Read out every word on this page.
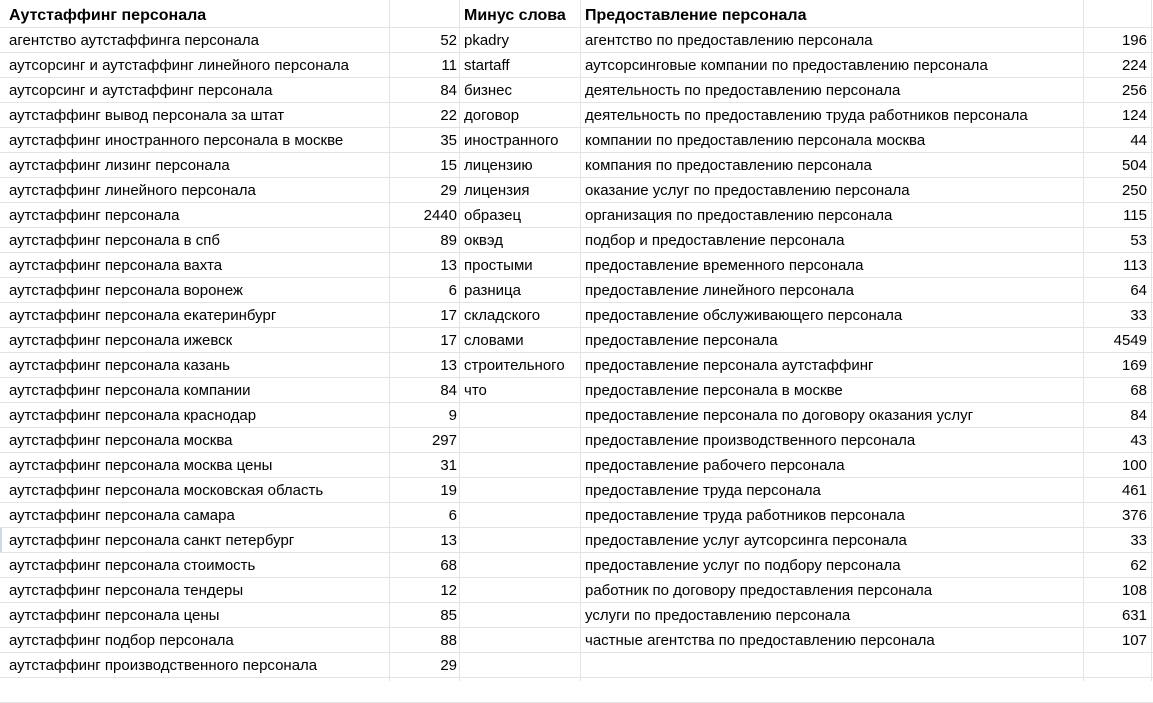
Аутстаффинг персонала	Минус слова	Предоставление персонала
агентство аутстаффинга персонала	52 pkadry	агентство по предоставлению персонала	196
аутсорсинг и аутстаффинг линейного персонала	11 startaff	аутсорсинговые компании по предоставлению персонала	224
аутсорсинг и аутстаффинг персонала	84 бизнес	деятельность по предоставлению персонала	256
аутстаффинг вывод персонала за штат	22 договор	деятельность по предоставлению труда работников персонала	124
аутстаффинг иностранного персонала в москве	35 иностранного	компании по предоставлению персонала москва	44
аутстаффинг лизинг персонала	15 лицензию	компания по предоставлению персонала	504
аутстаффинг линейного персонала	29 лицензия	оказание услуг по предоставлению персонала	250
аутстаффинг персонала	2440 образец	организация по предоставлению персонала	115
аутстаффинг персонала в спб	89 оквэд	подбор и предоставление персонала	53
аутстаффинг персонала вахта	13 простыми	предоставление временного персонала	113
аутстаффинг персонала воронеж	6 разница	предоставление линейного персонала	64
аутстаффинг персонала екатеринбург	17 складского	предоставление обслуживающего персонала	33
аутстаффинг персонала ижевск	17 словами	предоставление персонала	4549
аутстаффинг персонала казань	13 строительного	предоставление персонала аутстаффинг	169
аутстаффинг персонала компании	84 что	предоставление персонала в москве	68
аутстаффинг персонала краснодар	9	предоставление персонала по договору оказания услуг	84
аутстаффинг персонала москва	297	предоставление производственного персонала	43
аутстаффинг персонала москва цены	31	предоставление рабочего персонала	100
аутстаффинг персонала московская область	19	предоставление труда персонала	461
аутстаффинг персонала самара	6	предоставление труда работников персонала	376
аутстаффинг персонала санкт петербург	13	предоставление услуг аутсорсинга персонала	33
аутстаффинг персонала стоимость	68	предоставление услуг по подбору персонала	62
аутстаффинг персонала тендеры	12	работник по договору предоставления персонала	108
аутстаффинг персонала цены	85	услуги по предоставлению персонала	631
аутстаффинг подбор персонала	88	частные агентства по предоставлению персонала	107
аутстаффинг производственного персонала	29
